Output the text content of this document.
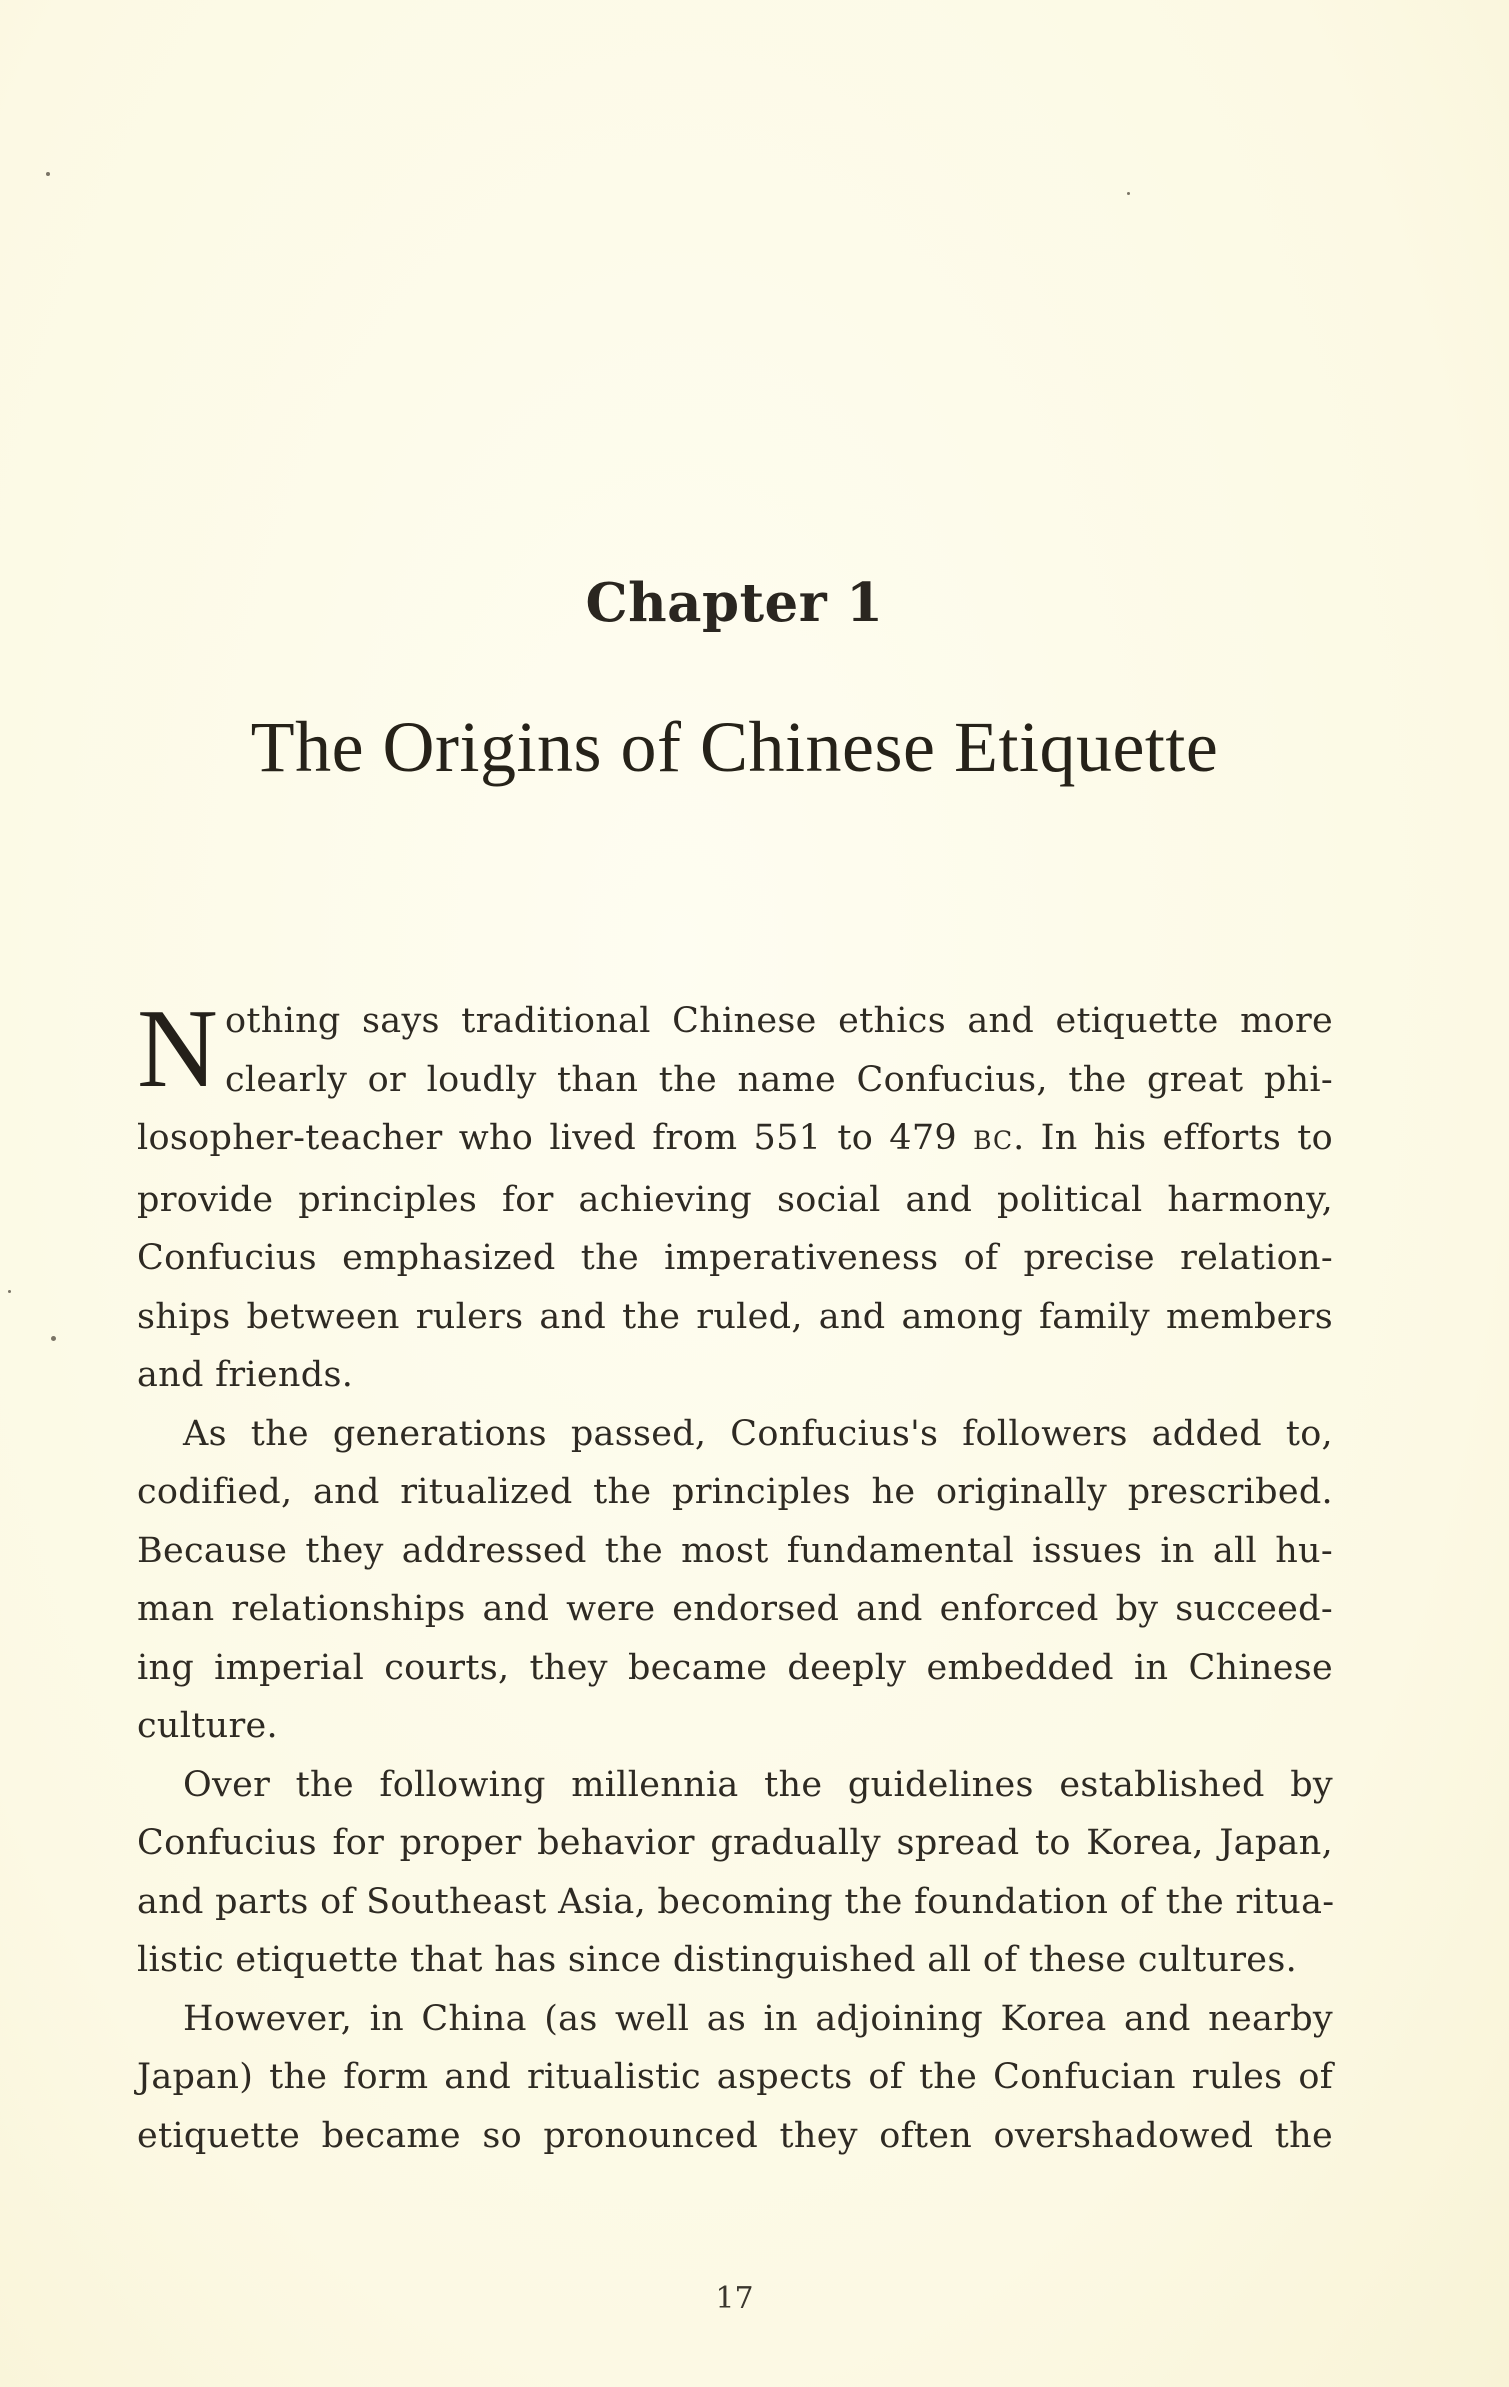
Chapter 1
The Origins of Chinese Etiquette
N othing says traditional Chinese ethics and etiquette more
clearly or loudly than the name Confucius, the great phi-
losopher-teacher who lived from 551 to 479 BC. In his efforts to
provide principles for achieving social and political harmony,
Confucius emphasized the imperativeness of precise relation-
ships between rulers and the ruled, and among family members
and friends.
As the generations passed, Confucius's followers added to,
codified, and ritualized the principles he originally prescribed.
Because they addressed the most fundamental issues in all hu-
man relationships and were endorsed and enforced by succeed-
ing imperial courts, they became deeply embedded in Chinese
culture.
Over the following millennia the guidelines established by
Confucius for proper behavior gradually spread to Korea, Japan,
and parts of Southeast Asia, becoming the foundation of the ritua-
listic etiquette that has since distinguished all of these cultures.
However, in China (as well as in adjoining Korea and nearby
Japan) the form and ritualistic aspects of the Confucian rules of
etiquette became so pronounced they often overshadowed the
17
